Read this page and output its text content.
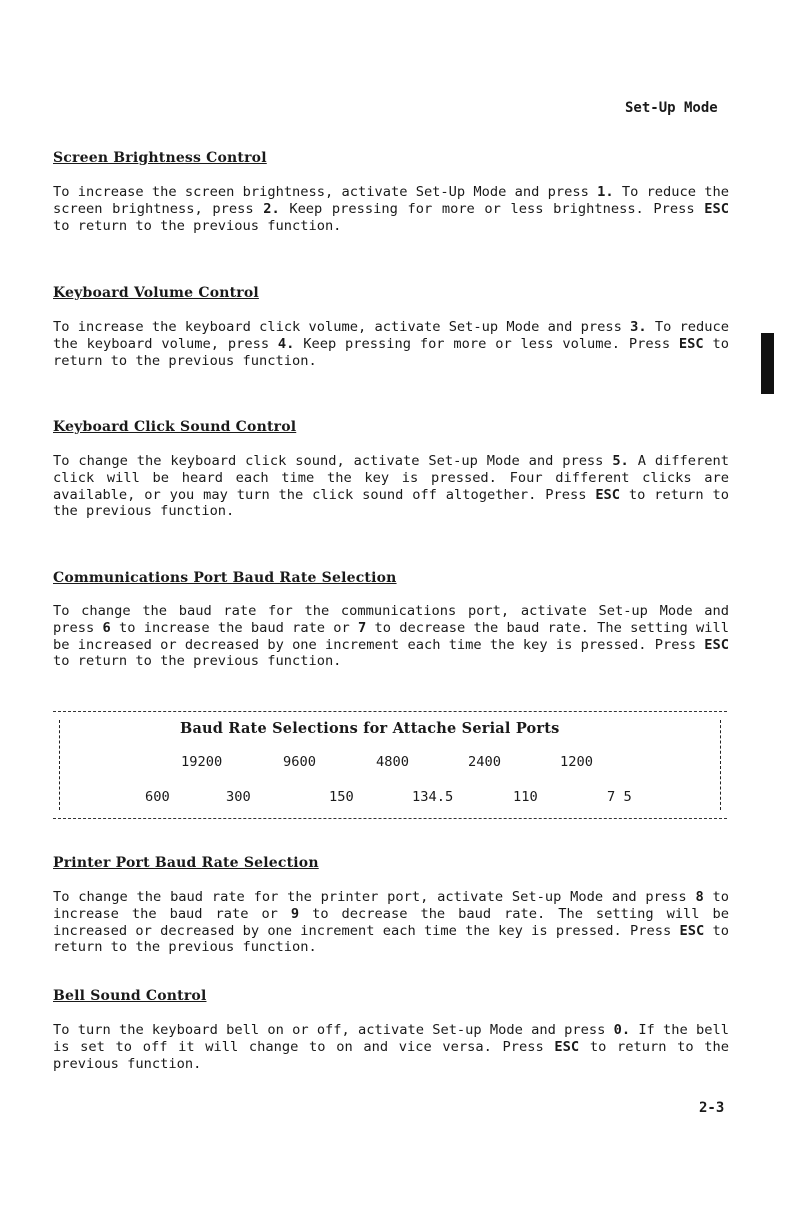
Set-Up Mode
Screen Brightness Control

To increase the screen brightness, activate Set-Up Mode and press 1. To reduce the screen brightness, press 2. Keep pressing for more or less brightness. Press ESC to return to the previous function.

Keyboard Volume Control

To increase the keyboard click volume, activate Set-up Mode and press 3. To reduce the keyboard volume, press 4. Keep pressing for more or less volume. Press ESC to return to the previous function.

Keyboard Click Sound Control

To change the keyboard click sound, activate Set-up Mode and press 5. A different click will be heard each time the key is pressed. Four different clicks are available, or you may turn the click sound off altogether. Press ESC to return to the previous function.

Communications Port Baud Rate Selection

To change the baud rate for the communications port, activate Set-up Mode and press 6 to increase the baud rate or 7 to decrease the baud rate. The setting will be increased or decreased by one increment each time the key is pressed. Press ESC to return to the previous function.

Baud Rate Selections for Attache Serial Ports
19200	9600	4800	2400	1200
600	300	150	134.5	110	7 5
Printer Port Baud Rate Selection

To change the baud rate for the printer port, activate Set-up Mode and press 8 to increase the baud rate or 9 to decrease the baud rate. The setting will be increased or decreased by one increment each time the key is pressed. Press ESC to return to the previous function.

Bell Sound Control

To turn the keyboard bell on or off, activate Set-up Mode and press 0. If the bell is set to off it will change to on and vice versa. Press ESC to return to the previous function.

2-3
